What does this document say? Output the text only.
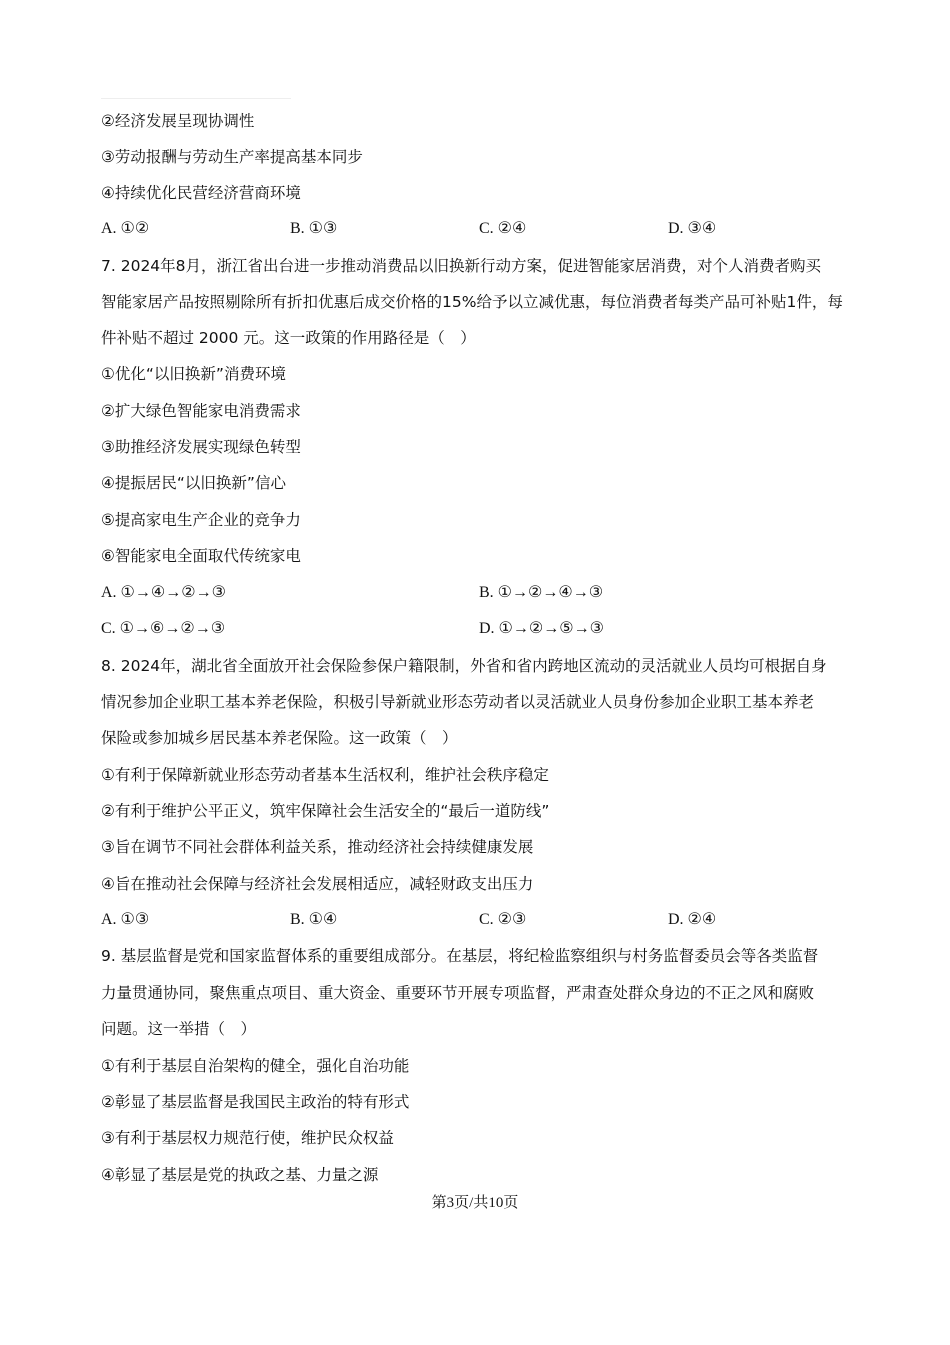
②经济发展呈现协调性
③劳动报酬与劳动生产率提高基本同步
④持续优化民营经济营商环境
A. ①②	B. ①③	C. ②④	D. ③④
7. 2024年8月，浙江省出台进一步推动消费品以旧换新行动方案，促进智能家居消费，对个人消费者购买
智能家居产品按照剔除所有折扣优惠后成交价格的15%给予以立减优惠，每位消费者每类产品可补贴1件，每
件补贴不超过 2000 元。这一政策的作用路径是（　）
①优化“以旧换新”消费环境
②扩大绿色智能家电消费需求
③助推经济发展实现绿色转型
④提振居民“以旧换新”信心
⑤提高家电生产企业的竞争力
⑥智能家电全面取代传统家电
A. ①→④→②→③	B. ①→②→④→③
C. ①→⑥→②→③	D. ①→②→⑤→③
8. 2024年，湖北省全面放开社会保险参保户籍限制，外省和省内跨地区流动的灵活就业人员均可根据自身
情况参加企业职工基本养老保险，积极引导新就业形态劳动者以灵活就业人员身份参加企业职工基本养老
保险或参加城乡居民基本养老保险。这一政策（　）
①有利于保障新就业形态劳动者基本生活权利，维护社会秩序稳定
②有利于维护公平正义，筑牢保障社会生活安全的“最后一道防线”
③旨在调节不同社会群体利益关系，推动经济社会持续健康发展
④旨在推动社会保障与经济社会发展相适应，减轻财政支出压力
A. ①③	B. ①④	C. ②③	D. ②④
9. 基层监督是党和国家监督体系的重要组成部分。在基层，将纪检监察组织与村务监督委员会等各类监督
力量贯通协同，聚焦重点项目、重大资金、重要环节开展专项监督，严肃查处群众身边的不正之风和腐败
问题。这一举措（　）
①有利于基层自治架构的健全，强化自治功能
②彰显了基层监督是我国民主政治的特有形式
③有利于基层权力规范行使，维护民众权益
④彰显了基层是党的执政之基、力量之源
第3页/共10页
